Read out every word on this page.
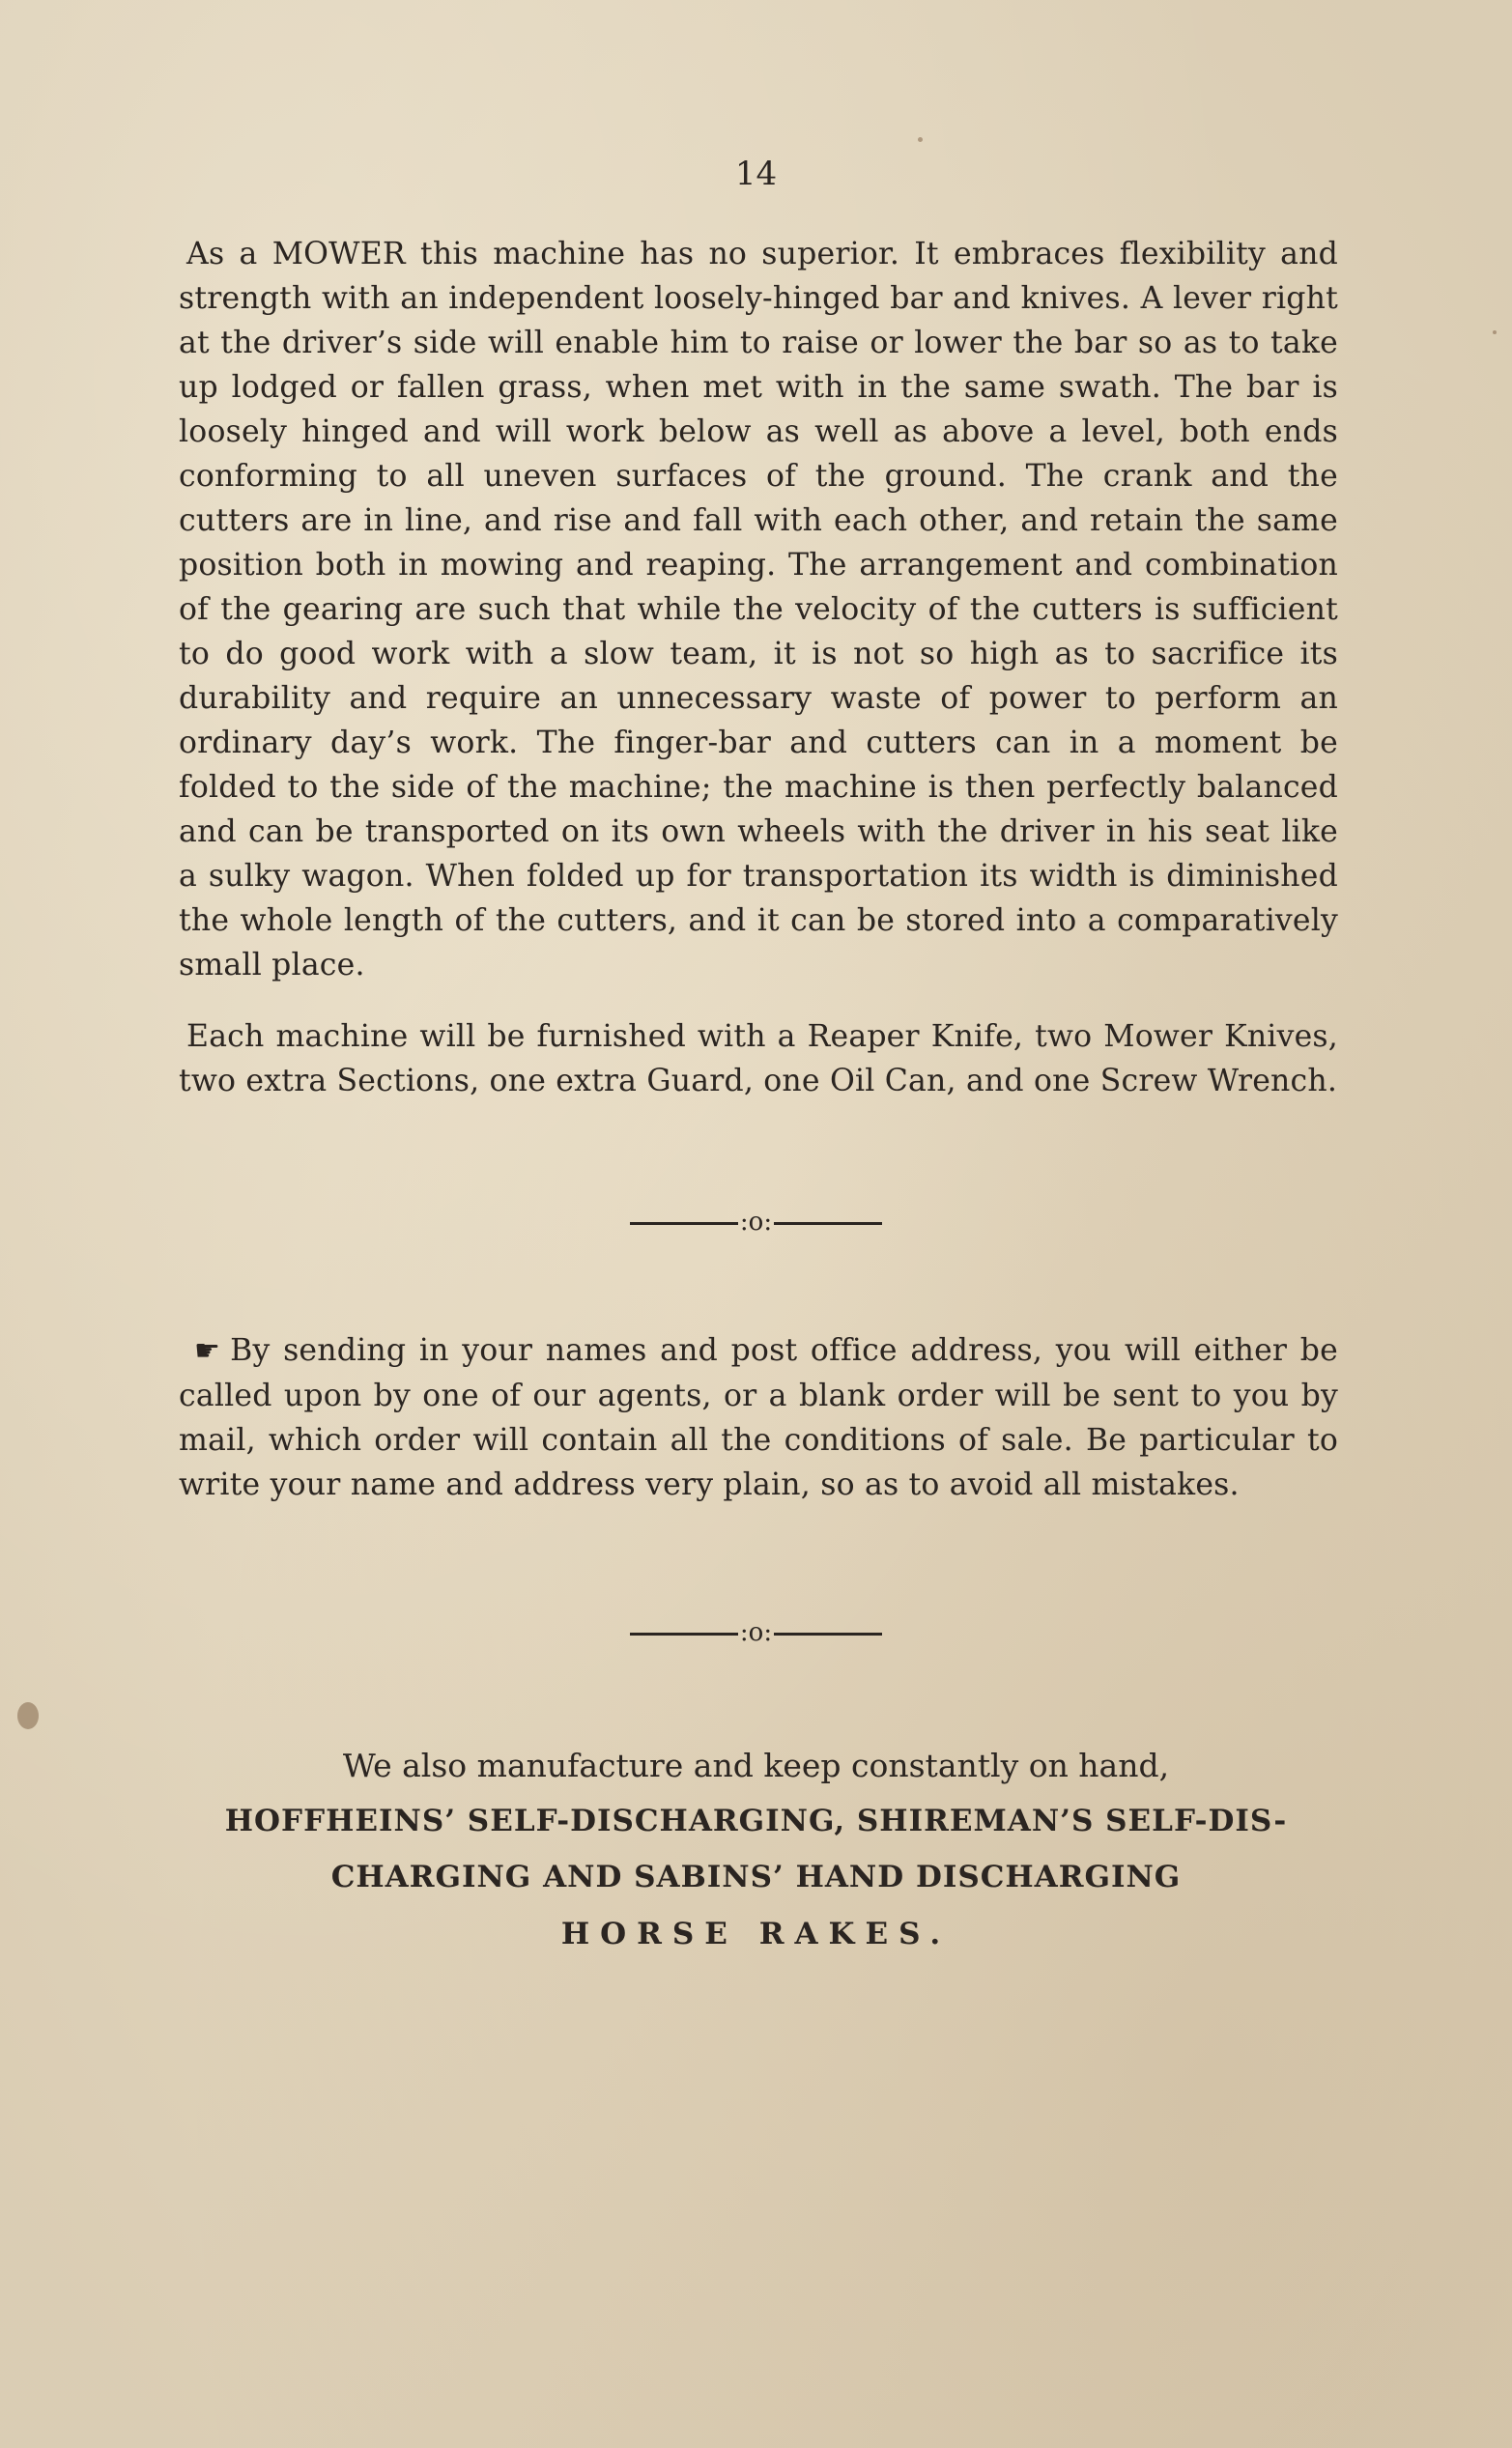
14

As a MOWER this machine has no superior. It embraces flexibility and strength with an independent loosely-hinged bar and knives. A lever right at the driver’s side will enable him to raise or lower the bar so as to take up lodged or fallen grass, when met with in the same swath. The bar is loosely hinged and will work below as well as above a level, both ends conforming to all uneven surfaces of the ground. The crank and the cutters are in line, and rise and fall with each other, and retain the same position both in mowing and reaping. The arrangement and combination of the gearing are such that while the velocity of the cutters is sufficient to do good work with a slow team, it is not so high as to sacrifice its durability and require an unnecessary waste of power to perform an ordinary day’s work. The finger-bar and cutters can in a moment be folded to the side of the machine; the machine is then perfectly balanced and can be transported on its own wheels with the driver in his seat like a sulky wagon. When folded up for transportation its width is diminished the whole length of the cutters, and it can be stored into a comparatively small place.

Each machine will be furnished with a Reaper Knife, two Mower Knives, two extra Sections, one extra Guard, one Oil Can, and one Screw Wrench.

:o:

☛ By sending in your names and post office address, you will either be called upon by one of our agents, or a blank order will be sent to you by mail, which order will contain all the conditions of sale. Be particular to write your name and address very plain, so as to avoid all mistakes.

:o:
We also manufacture and keep constantly on hand,
HOFFHEINS’ SELF-DISCHARGING, SHIREMAN’S SELF-DIS-
CHARGING AND SABINS’ HAND DISCHARGING
HORSE RAKES.
